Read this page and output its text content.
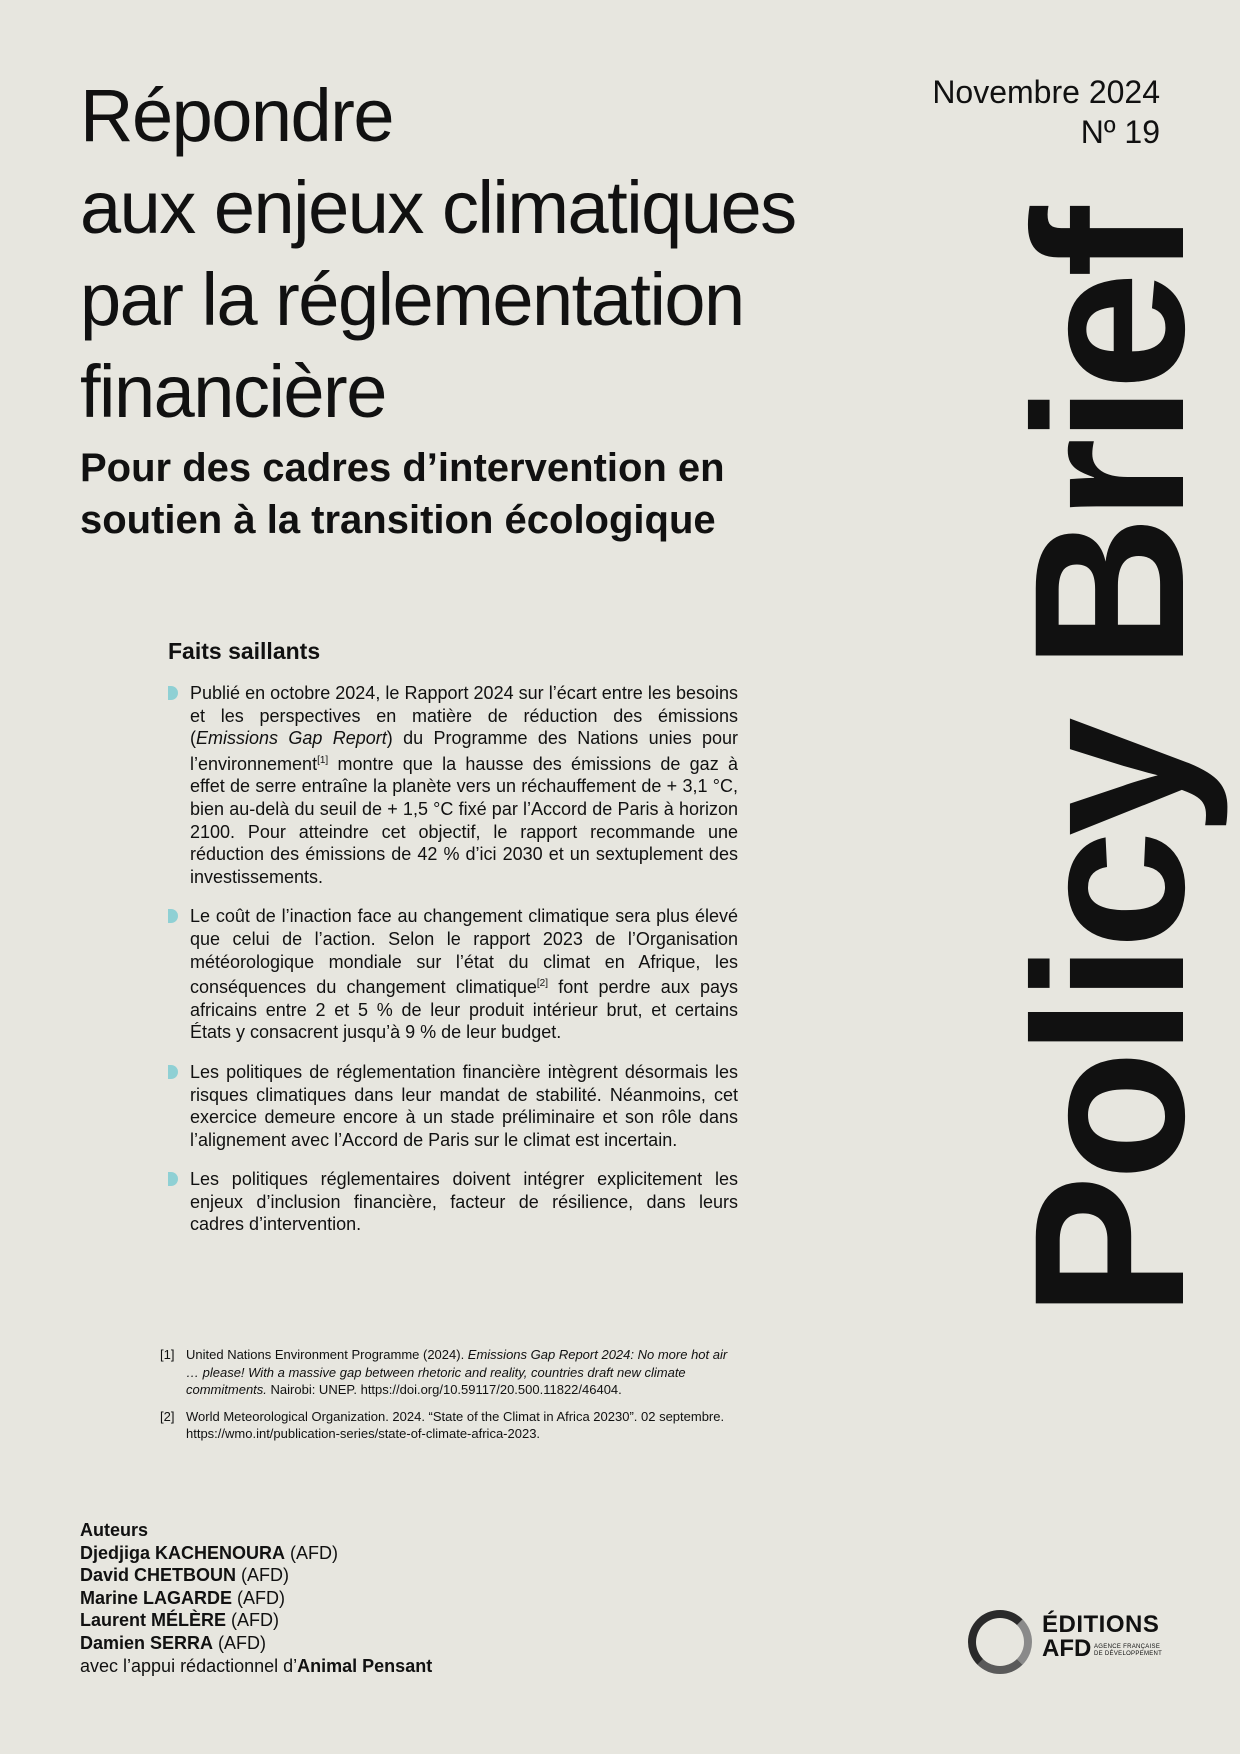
Répondre
aux enjeux climatiques
par la réglementation
financière
Pour des cadres d’intervention en
soutien à la transition écologique
Novembre 2024
Nº 19
Policy Brief
Faits saillants
Publié en octobre 2024, le Rapport 2024 sur l’écart entre les besoins et les perspectives en matière de réduction des émissions (Emissions Gap Report) du Programme des Nations unies pour l’environnement[1] montre que la hausse des émissions de gaz à effet de serre entraîne la planète vers un réchauffement de + 3,1 °C, bien au-delà du seuil de + 1,5 °C fixé par l’Accord de Paris à horizon 2100. Pour atteindre cet objectif, le rapport recommande une réduction des émissions de 42 % d’ici 2030 et un sextuplement des investissements.
Le coût de l’inaction face au changement climatique sera plus élevé que celui de l’action. Selon le rapport 2023 de l’Organisation météorologique mondiale sur l’état du climat en Afrique, les conséquences du changement climatique[2] font perdre aux pays africains entre 2 et 5 % de leur produit intérieur brut, et certains États y consacrent jusqu’à 9 % de leur budget.
Les politiques de réglementation financière intègrent désormais les risques climatiques dans leur mandat de stabilité. Néanmoins, cet exercice demeure encore à un stade préliminaire et son rôle dans l’alignement avec l’Accord de Paris sur le climat est incertain.
Les politiques réglementaires doivent intégrer explicitement les enjeux d’inclusion financière, facteur de résilience, dans leurs cadres d’intervention.
[1] United Nations Environment Programme (2024). Emissions Gap Report 2024: No more hot air … please! With a massive gap between rhetoric and reality, countries draft new climate commitments. Nairobi: UNEP. https://doi.org/10.59117/20.500.11822/46404.
[2] World Meteorological Organization. 2024. “State of the Climat in Africa 20230”. 02 septembre. https://wmo.int/publication-series/state-of-climate-africa-2023.
Auteurs
Djedjiga KACHENOURA (AFD)
David CHETBOUN (AFD)
Marine LAGARDE (AFD)
Laurent MÉLÈRE (AFD)
Damien SERRA (AFD)
avec l’appui rédactionnel d’Animal Pensant
ÉDITIONS
AFD AGENCE FRANÇAISE DE DÉVELOPPEMENT
